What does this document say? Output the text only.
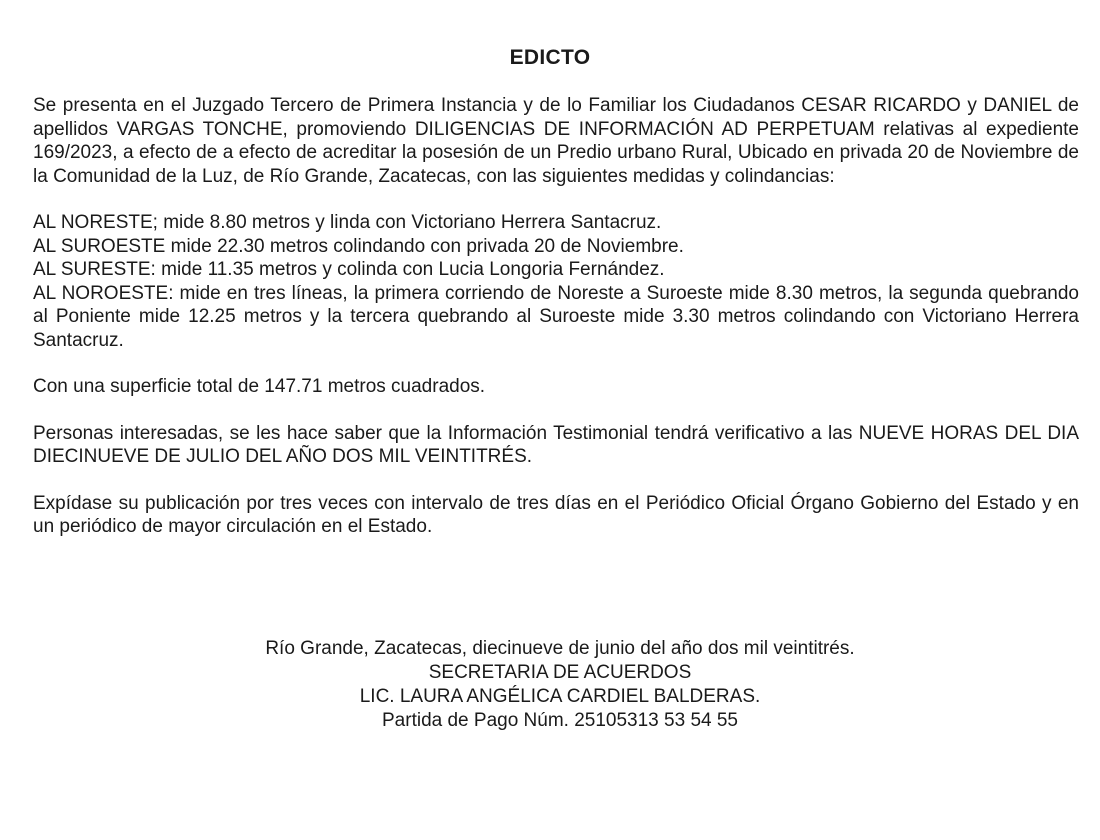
EDICTO

Se presenta en el Juzgado Tercero de Primera Instancia y de lo Familiar los Ciudadanos CESAR RICARDO y DANIEL de apellidos VARGAS TONCHE, promoviendo DILIGENCIAS DE INFORMACIÓN AD PERPETUAM relativas al expediente 169/2023, a efecto de a efecto de acreditar la posesión de un Predio urbano Rural, Ubicado en privada 20 de Noviembre de la Comunidad de la Luz, de Río Grande, Zacatecas, con las siguientes medidas y colindancias:

AL NORESTE; mide 8.80 metros y linda con Victoriano Herrera Santacruz.

AL SUROESTE mide 22.30 metros colindando con privada 20 de Noviembre.

AL SURESTE: mide 11.35 metros y colinda con Lucia Longoria Fernández.

AL NOROESTE: mide en tres líneas, la primera corriendo de Noreste a Suroeste mide 8.30 metros, la segunda quebrando al Poniente mide 12.25 metros y la tercera quebrando al Suroeste mide 3.30 metros colindando con Victoriano Herrera Santacruz.

Con una superficie total de 147.71 metros cuadrados.

Personas interesadas, se les hace saber que la Información Testimonial tendrá verificativo a las NUEVE HORAS DEL DIA DIECINUEVE DE JULIO DEL AÑO DOS MIL VEINTITRÉS.

Expídase su publicación por tres veces con intervalo de tres días en el Periódico Oficial Órgano Gobierno del Estado y en un periódico de mayor circulación en el Estado.

Río Grande, Zacatecas, diecinueve de junio del año dos mil veintitrés.
SECRETARIA DE ACUERDOS
LIC. LAURA ANGÉLICA CARDIEL BALDERAS.
Partida de Pago Núm. 25105313 53 54 55
